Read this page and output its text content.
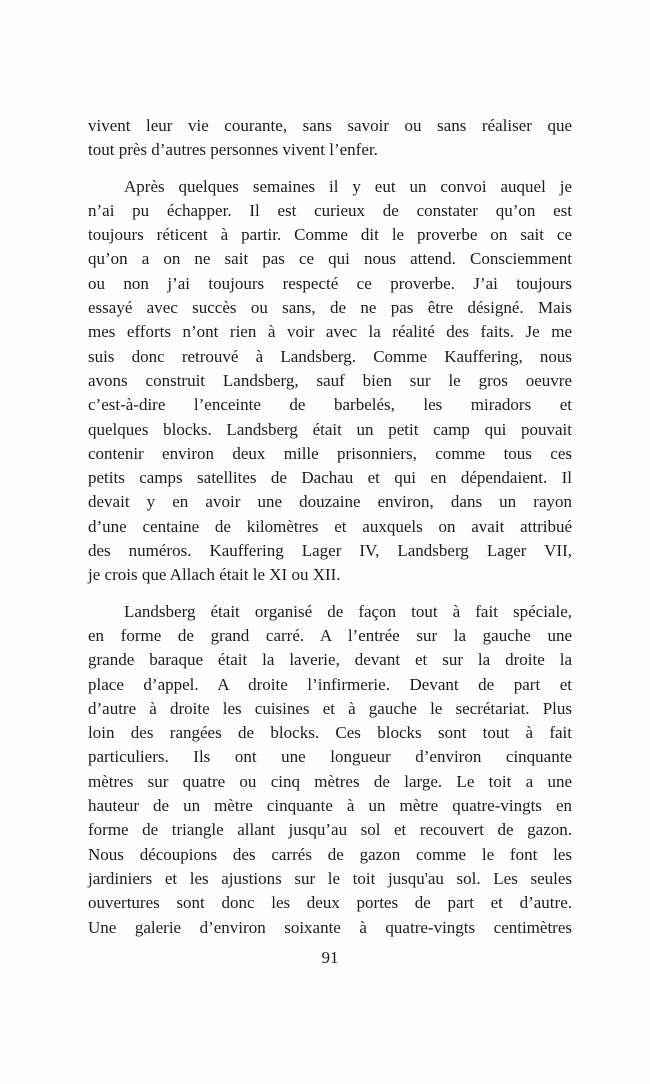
vivent leur vie courante, sans savoir ou sans réaliser que
tout près d’autres personnes vivent l’enfer.

Après quelques semaines il y eut un convoi auquel je
n’ai pu échapper. Il est curieux de constater qu’on est
toujours réticent à partir. Comme dit le proverbe on sait ce
qu’on a on ne sait pas ce qui nous attend. Consciemment
ou non j’ai toujours respecté ce proverbe. J’ai toujours
essayé avec succès ou sans, de ne pas être désigné. Mais
mes efforts n’ont rien à voir avec la réalité des faits. Je me
suis donc retrouvé à Landsberg. Comme Kauffering, nous
avons construit Landsberg, sauf bien sur le gros oeuvre
c’est-à-dire l’enceinte de barbelés, les miradors et
quelques blocks. Landsberg était un petit camp qui pouvait
contenir environ deux mille prisonniers, comme tous ces
petits camps satellites de Dachau et qui en dépendaient. Il
devait y en avoir une douzaine environ, dans un rayon
d’une centaine de kilomètres et auxquels on avait attribué
des numéros. Kauffering Lager IV, Landsberg Lager VII,
je crois que Allach était le XI ou XII.

Landsberg était organisé de façon tout à fait spéciale,
en forme de grand carré. A l’entrée sur la gauche une
grande baraque était la laverie, devant et sur la droite la
place d’appel. A droite l’infirmerie. Devant de part et
d’autre à droite les cuisines et à gauche le secrétariat. Plus
loin des rangées de blocks. Ces blocks sont tout à fait
particuliers. Ils ont une longueur d’environ cinquante
mètres sur quatre ou cinq mètres de large. Le toit a une
hauteur de un mètre cinquante à un mètre quatre-vingts en
forme de triangle allant jusqu’au sol et recouvert de gazon.
Nous découpions des carrés de gazon comme le font les
jardiniers et les ajustions sur le toit jusqu'au sol. Les seules
ouvertures sont donc les deux portes de part et d’autre.
Une galerie d’environ soixante à quatre-vingts centimètres

91
